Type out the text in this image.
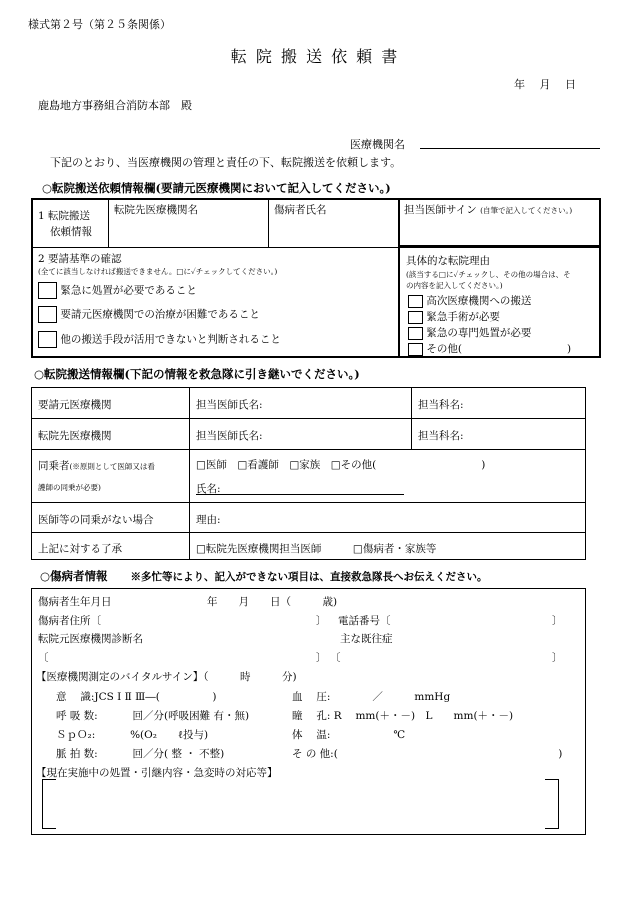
様式第２号（第２５条関係）
転 院 搬 送 依 頼 書
年　 月　 日
鹿島地方事務組合消防本部　殿
医療機関名
下記のとおり、当医療機関の管理と責任の下、転院搬送を依頼します。
○転院搬送依頼情報欄(要請元医療機関において記入してください。)
1 転院搬送
依頼情報
転院先医療機関名	傷病者氏名	担当医師サイン (自筆で記入してください。)
2 要請基準の確認
(全てに該当しなければ搬送できません。□に✓チェックしてください。)
緊急に処置が必要であること
要請元医療機関での治療が困難であること
他の搬送手段が活用できないと判断されること
具体的な転院理由
(該当する□に✓チェックし、その他の場合は、そ
の内容を記入してください。)
高次医療機関への搬送
緊急手術が必要
緊急の専門処置が必要
その他(　　　　　　　　　　)
○転院搬送情報欄(下記の情報を救急隊に引き継いでください。)
要請元医療機関	担当医師氏名:	担当科名:
転院先医療機関	担当医師氏名:	担当科名:
同乗者(※原則として医師又は看
護師の同乗が必要)
□医師　□看護師　□家族　□その他(　　　　　　　　　　)
氏名:
医師等の同乗がない場合	理由:
上記に対する了承	□転院先医療機関担当医師　　　□傷病者・家族等
○傷病者情報　　 ※多忙等により、記入ができない項目は、直接救急隊長へお伝えください。
傷病者生年月日	年　　月　　日（　　　歳)
傷病者住所〔	〕 電話番号〔	〕
転院元医療機関診断名	主な既往症
〔	〕 〔	〕
【医療機関測定のバイタルサイン】（　　　時　　　分)
意　 識:JCS Ⅰ Ⅱ Ⅲ―(　　　　　)	血　 圧:　　　　／　　　mmHg
呼 吸 数:　　　 回／分(呼吸困難 有・無)	瞳　 孔: R　 mm(＋・－)　L　　mm(＋・－)
ＳｐＯ₂:　　　 %(O₂　　ℓ投与)	体　 温:　　　　　　℃
脈 拍 数:　　　 回／分( 整 ・ 不整)	そ の 他:(　　　　　　　　　　　　　　　　　　　　　)
【現在実施中の処置・引継内容・急変時の対応等】
